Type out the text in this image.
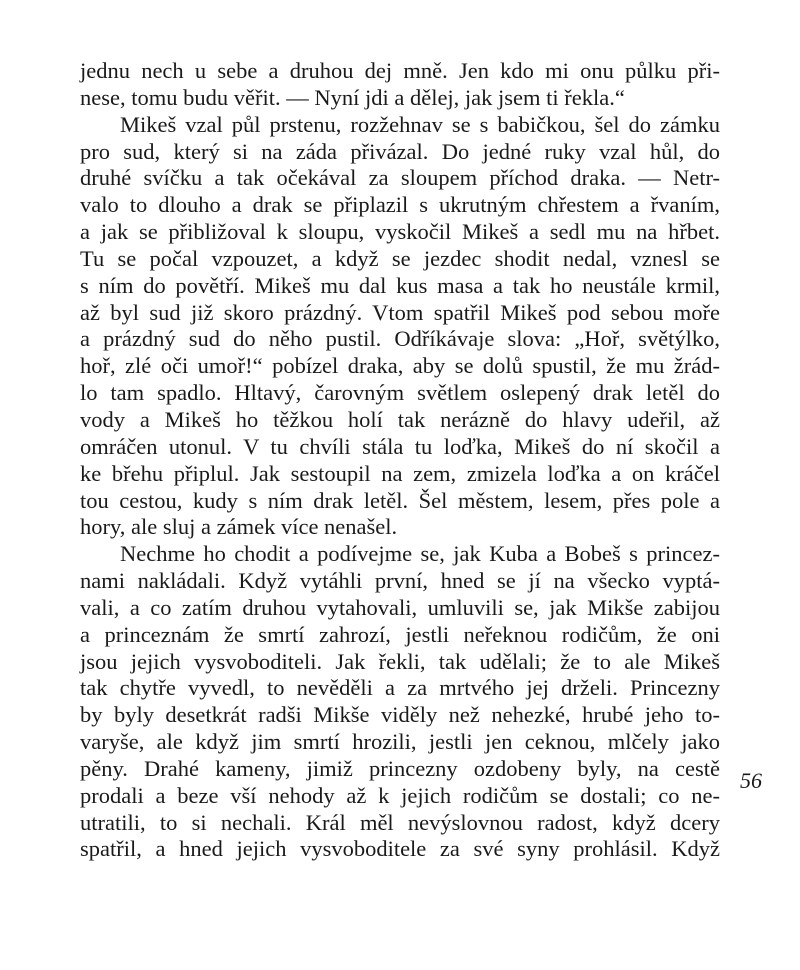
jednu nech u sebe a druhou dej mně. Jen kdo mi onu půlku při-
nese, tomu budu věřit. — Nyní jdi a dělej, jak jsem ti řekla.“
Mikeš vzal půl prstenu, rozžehnav se s babičkou, šel do zámku
pro sud, který si na záda přivázal. Do jedné ruky vzal hůl, do
druhé svíčku a tak očekával za sloupem příchod draka. — Netr-
valo to dlouho a drak se připlazil s ukrutným chřestem a řvaním,
a jak se přibližoval k sloupu, vyskočil Mikeš a sedl mu na hřbet.
Tu se počal vzpouzet, a když se jezdec shodit nedal, vznesl se
s ním do povětří. Mikeš mu dal kus masa a tak ho neustále krmil,
až byl sud již skoro prázdný. Vtom spatřil Mikeš pod sebou moře
a prázdný sud do něho pustil. Odříkávaje slova: „Hoř, světýlko,
hoř, zlé oči umoř!“ pobízel draka, aby se dolů spustil, že mu žrád-
lo tam spadlo. Hltavý, čarovným světlem oslepený drak letěl do
vody a Mikeš ho těžkou holí tak nerázně do hlavy udeřil, až
omráčen utonul. V tu chvíli stála tu loďka, Mikeš do ní skočil a
ke břehu připlul. Jak sestoupil na zem, zmizela loďka a on kráčel
tou cestou, kudy s ním drak letěl. Šel městem, lesem, přes pole a
hory, ale sluj a zámek více nenašel.
Nechme ho chodit a podívejme se, jak Kuba a Bobeš s princez-
nami nakládali. Když vytáhli první, hned se jí na všecko vyptá-
vali, a co zatím druhou vytahovali, umluvili se, jak Mikše zabijou
a princeznám že smrtí zahrozí, jestli neřeknou rodičům, že oni
jsou jejich vysvoboditeli. Jak řekli, tak udělali; že to ale Mikeš
tak chytře vyvedl, to nevěděli a za mrtvého jej drželi. Princezny
by byly desetkrát radši Mikše viděly než nehezké, hrubé jeho to-
varyše, ale když jim smrtí hrozili, jestli jen ceknou, mlčely jako
pěny. Drahé kameny, jimiž princezny ozdobeny byly, na cestě
prodali a beze vší nehody až k jejich rodičům se dostali; co ne-
utratili, to si nechali. Král měl nevýslovnou radost, když dcery
spatřil, a hned jejich vysvoboditele za své syny prohlásil. Když
56
